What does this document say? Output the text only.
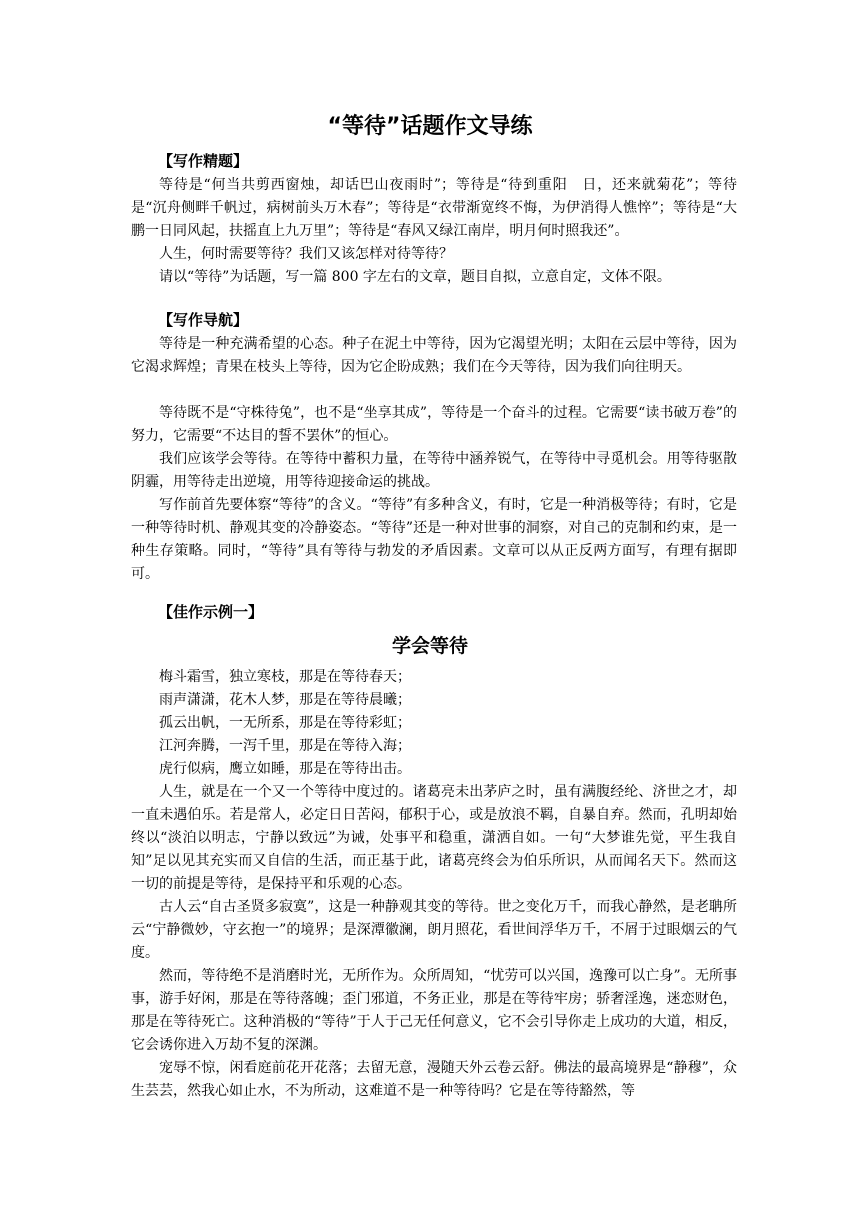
“等待”话题作文导练
【写作精题】
等待是“何当共剪西窗烛，却话巴山夜雨时”；等待是“待到重阳　日，还来就菊花”；等待是“沉舟侧畔千帆过，病树前头万木春”；等待是“衣带渐宽终不悔，为伊消得人憔悴”；等待是“大鹏一日同风起，扶摇直上九万里”；等待是“春风又绿江南岸，明月何时照我还”。
人生，何时需要等待？我们又该怎样对待等待？
请以“等待”为话题，写一篇 800 字左右的文章，题目自拟，立意自定，文体不限。
【写作导航】
等待是一种充满希望的心态。种子在泥土中等待，因为它渴望光明；太阳在云层中等待，因为它渴求辉煌；青果在枝头上等待，因为它企盼成熟；我们在今天等待，因为我们向往明天。
等待既不是“守株待兔”，也不是“坐享其成”，等待是一个奋斗的过程。它需要“读书破万卷”的努力，它需要“不达目的誓不罢休”的恒心。
我们应该学会等待。在等待中蓄积力量，在等待中涵养锐气，在等待中寻觅机会。用等待驱散阴霾，用等待走出逆境，用等待迎接命运的挑战。
写作前首先要体察“等待”的含义。“等待”有多种含义，有时，它是一种消极等待；有时，它是一种等待时机、静观其变的冷静姿态。“等待”还是一种对世事的洞察，对自己的克制和约束，是一种生存策略。同时，“等待”具有等待与勃发的矛盾因素。文章可以从正反两方面写，有理有据即可。
【佳作示例一】
学会等待
梅斗霜雪，独立寒枝，那是在等待春天；
雨声潇潇，花木人梦，那是在等待晨曦；
孤云出帆，一无所系，那是在等待彩虹；
江河奔腾，一泻千里，那是在等待入海；
虎行似病，鹰立如睡，那是在等待出击。
人生，就是在一个又一个等待中度过的。诸葛亮未出茅庐之时，虽有满腹经纶、济世之才，却一直未遇伯乐。若是常人，必定日日苦闷，郁积于心，或是放浪不羁，自暴自弃。然而，孔明却始终以“淡泊以明志，宁静以致远”为诫，处事平和稳重，潇洒自如。一句“大梦谁先觉，平生我自知”足以见其充实而又自信的生活，而正基于此，诸葛亮终会为伯乐所识，从而闻名天下。然而这一切的前提是等待，是保持平和乐观的心态。
古人云“自古圣贤多寂寞”，这是一种静观其变的等待。世之变化万千，而我心静然，是老聃所云“宁静微妙，守玄抱一”的境界；是深潭徽澜，朗月照花，看世间浮华万千，不屑于过眼烟云的气度。
然而，等待绝不是消磨时光，无所作为。众所周知，“忧劳可以兴国，逸豫可以亡身”。无所事事，游手好闲，那是在等待落魄；歪门邪道，不务正业，那是在等待牢房；骄奢淫逸，迷恋财色，那是在等待死亡。这种消极的“等待”于人于己无任何意义，它不会引导你走上成功的大道，相反，它会诱你进入万劫不复的深渊。
宠辱不惊，闲看庭前花开花落；去留无意，漫随天外云卷云舒。佛法的最高境界是“静穆”，众生芸芸，然我心如止水，不为所动，这难道不是一种等待吗？它是在等待豁然，等
